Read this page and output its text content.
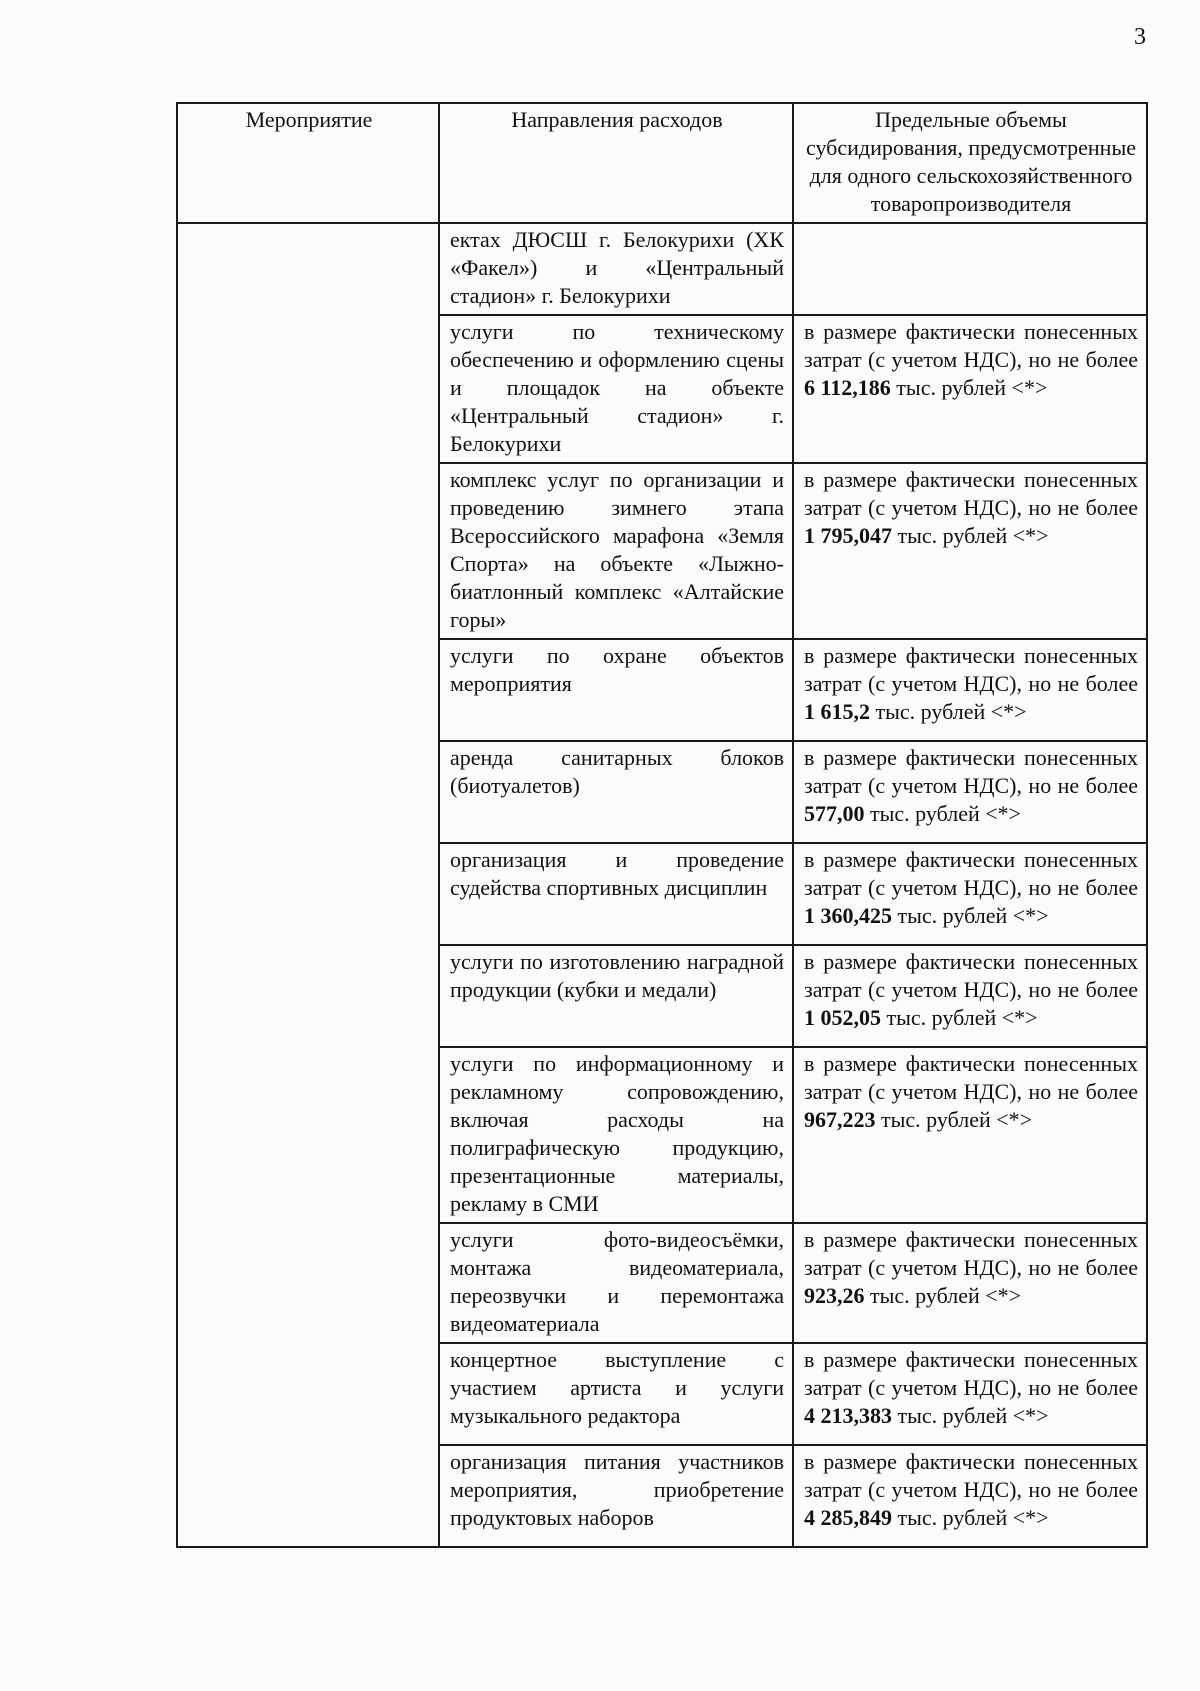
3
Мероприятие	Направления расходов	Предельные объемы субсидирования, предусмотренные для одного сельскохозяйственного товаропроизводителя
	ектах ДЮСШ г. Белокурихи (ХК «Факел») и «Центральный стадион» г. Белокурихи	
	услуги по техническому обеспечению и оформлению сцены и площадок на объекте «Центральный стадион» г. Белокурихи	в размере фактически понесенных затрат (с учетом НДС), но не более 6 112,186 тыс. рублей <*>
	комплекс услуг по организации и проведению зимнего этапа Всероссийского марафона «Земля Спорта» на объекте «Лыжно-биатлонный комплекс «Алтайские горы»	в размере фактически понесенных затрат (с учетом НДС), но не более 1 795,047 тыс. рублей <*>
	услуги по охране объектов мероприятия	в размере фактически понесенных затрат (с учетом НДС), но не более 1 615,2 тыс. рублей <*>
	аренда санитарных блоков (биотуалетов)	в размере фактически понесенных затрат (с учетом НДС), но не более 577,00 тыс. рублей <*>
	организация и проведение судейства спортивных дисциплин	в размере фактически понесенных затрат (с учетом НДС), но не более 1 360,425 тыс. рублей <*>
	услуги по изготовлению наградной продукции (кубки и медали)	в размере фактически понесенных затрат (с учетом НДС), но не более 1 052,05 тыс. рублей <*>
	услуги по информационному и рекламному сопровождению, включая расходы на полиграфическую продукцию, презентационные материалы, рекламу в СМИ	в размере фактически понесенных затрат (с учетом НДС), но не более 967,223 тыс. рублей <*>
	услуги фото-видеосъёмки, монтажа видеоматериала, переозвучки и перемонтажа видеоматериала	в размере фактически понесенных затрат (с учетом НДС), но не более 923,26 тыс. рублей <*>
	концертное выступление с участием артиста и услуги музыкального редактора	в размере фактически понесенных затрат (с учетом НДС), но не более 4 213,383 тыс. рублей <*>
	организация питания участников мероприятия, приобретение продуктовых наборов	в размере фактически понесенных затрат (с учетом НДС), но не более 4 285,849 тыс. рублей <*>
